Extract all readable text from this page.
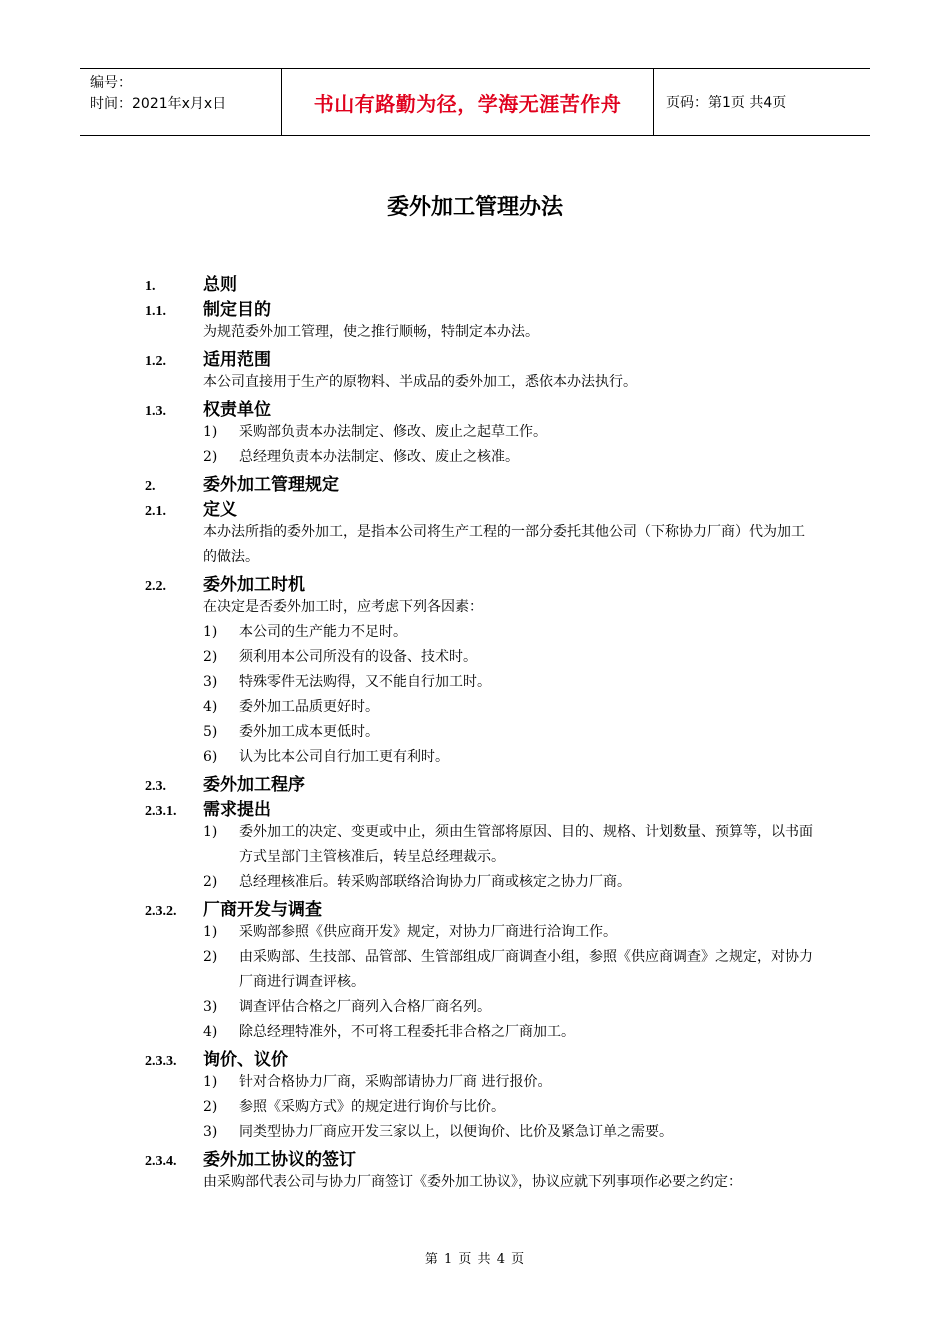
编号：
时间：2021年x月x日	书山有路勤为径，学海无涯苦作舟	页码：第1页 共4页
委外加工管理办法
1.	总则
1.1.	制定目的
为规范委外加工管理，使之推行顺畅，特制定本办法。
1.2.	适用范围
本公司直接用于生产的原物料、半成品的委外加工，悉依本办法执行。
1.3.	权责单位
1)	采购部负责本办法制定、修改、废止之起草工作。
2)	总经理负责本办法制定、修改、废止之核准。
2.	委外加工管理规定
2.1.	定义
本办法所指的委外加工，是指本公司将生产工程的一部分委托其他公司（下称协力厂商）代为加工的做法。
2.2.	委外加工时机
在决定是否委外加工时，应考虑下列各因素：
1)	本公司的生产能力不足时。
2)	须利用本公司所没有的设备、技术时。
3)	特殊零件无法购得，又不能自行加工时。
4)	委外加工品质更好时。
5)	委外加工成本更低时。
6)	认为比本公司自行加工更有利时。
2.3.	委外加工程序
2.3.1.	需求提出
1)	委外加工的决定、变更或中止，须由生管部将原因、目的、规格、计划数量、预算等，以书面方式呈部门主管核准后，转呈总经理裁示。
2)	总经理核准后。转采购部联络洽询协力厂商或核定之协力厂商。
2.3.2.	厂商开发与调查
1)	采购部参照《供应商开发》规定，对协力厂商进行洽询工作。
2)	由采购部、生技部、品管部、生管部组成厂商调查小组，参照《供应商调查》之规定，对协力厂商进行调查评核。
3)	调查评估合格之厂商列入合格厂商名列。
4)	除总经理特准外，不可将工程委托非合格之厂商加工。
2.3.3.	询价、议价
1)	针对合格协力厂商，采购部请协力厂商 进行报价。
2)	参照《采购方式》的规定进行询价与比价。
3)	同类型协力厂商应开发三家以上，以便询价、比价及紧急订单之需要。
2.3.4.	委外加工协议的签订
由采购部代表公司与协力厂商签订《委外加工协议》，协议应就下列事项作必要之约定：
第 1 页 共 4 页
